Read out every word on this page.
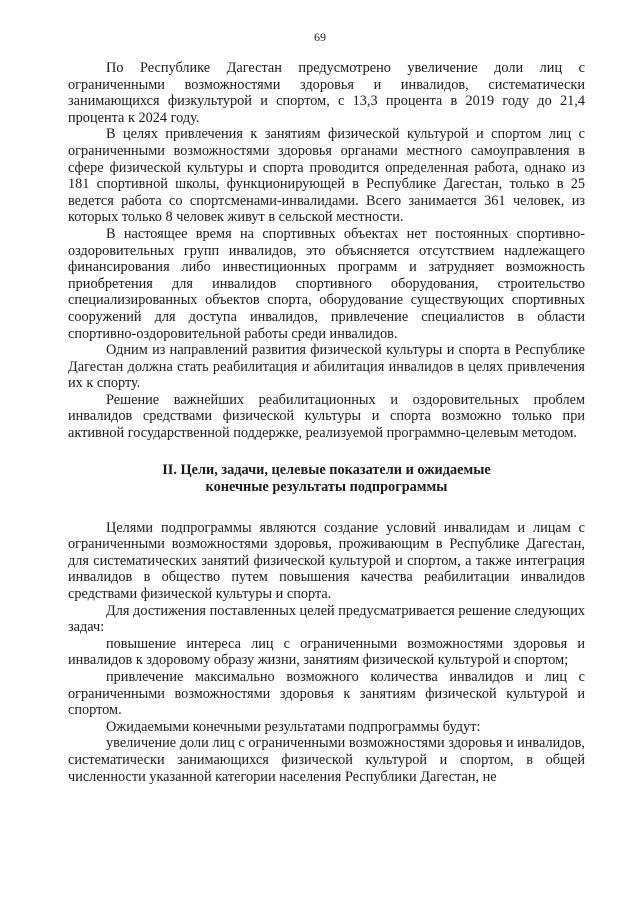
69

По Республике Дагестан предусмотрено увеличение доли лиц с ограниченными возможностями здоровья и инвалидов, систематически занимающихся физкультурой и спортом, с 13,3 процента в 2019 году до 21,4 процента к 2024 году.

В целях привлечения к занятиям физической культурой и спортом лиц с ограниченными возможностями здоровья органами местного самоуправления в сфере физической культуры и спорта проводится определенная работа, однако из 181 спортивной школы, функционирующей в Республике Дагестан, только в 25 ведется работа со спортсменами-инвалидами. Всего занимается 361 человек, из которых только 8 человек живут в сельской местности.

В настоящее время на спортивных объектах нет постоянных спортивно-оздоровительных групп инвалидов, это объясняется отсутствием надлежащего финансирования либо инвестиционных программ и затрудняет возможность приобретения для инвалидов спортивного оборудования, строительство специализированных объектов спорта, оборудование существующих спортивных сооружений для доступа инвалидов, привлечение специалистов в области спортивно-оздоровительной работы среди инвалидов.

Одним из направлений развития физической культуры и спорта в Республике Дагестан должна стать реабилитация и абилитация инвалидов в целях привлечения их к спорту.

Решение важнейших реабилитационных и оздоровительных проблем инвалидов средствами физической культуры и спорта возможно только при активной государственной поддержке, реализуемой программно-целевым методом.

II. Цели, задачи, целевые показатели и ожидаемые
конечные результаты подпрограммы

Целями подпрограммы являются создание условий инвалидам и лицам с ограниченными возможностями здоровья, проживающим в Республике Дагестан, для систематических занятий физической культурой и спортом, а также интеграция инвалидов в общество путем повышения качества реабилитации инвалидов средствами физической культуры и спорта.

Для достижения поставленных целей предусматривается решение следующих задач:

повышение интереса лиц с ограниченными возможностями здоровья и инвалидов к здоровому образу жизни, занятиям физической культурой и спортом;

привлечение максимально возможного количества инвалидов и лиц с ограниченными возможностями здоровья к занятиям физической культурой и спортом.

Ожидаемыми конечными результатами подпрограммы будут:

увеличение доли лиц с ограниченными возможностями здоровья и инвалидов, систематически занимающихся физической культурой и спортом, в общей численности указанной категории населения Республики Дагестан, не
